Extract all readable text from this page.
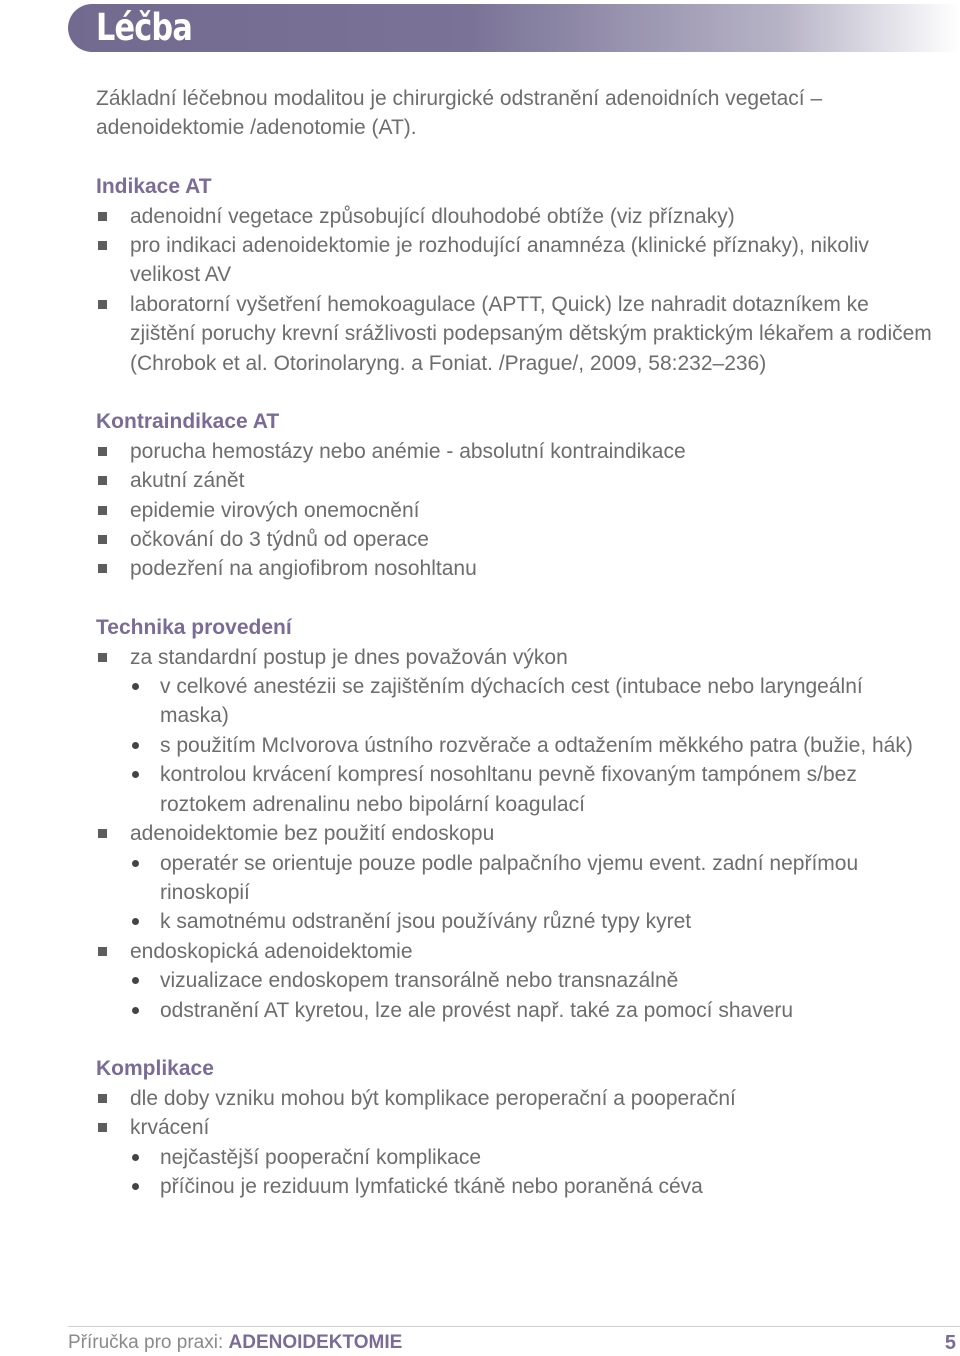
Léčba

Základní léčebnou modalitou je chirurgické odstranění adenoidních vegetací – adenoidektomie /adenotomie (AT).

Indikace AT
adenoidní vegetace způsobující dlouhodobé obtíže (viz příznaky)
pro indikaci adenoidektomie je rozhodující anamnéza (klinické příznaky), nikoliv velikost AV
laboratorní vyšetření hemokoagulace (APTT, Quick) lze nahradit dotazníkem ke zjištění poruchy krevní srážlivosti podepsaným dětským praktickým lékařem a rodičem (Chrobok et al. Otorinolaryng. a Foniat. /Prague/, 2009, 58:232–236)
Kontraindikace AT
porucha hemostázy nebo anémie - absolutní kontraindikace
akutní zánět
epidemie virových onemocnění
očkování do 3 týdnů od operace
podezření na angiofibrom nosohltanu
Technika provedení
za standardní postup je dnes považován výkon
v celkové anestézii se zajištěním dýchacích cest (intubace nebo laryngeální maska)
s použitím McIvorova ústního rozvěrače a odtažením měkkého patra (bužie, hák)
kontrolou krvácení kompresí nosohltanu pevně fixovaným tampónem s/bez roztokem adrenalinu nebo bipolární koagulací
adenoidektomie bez použití endoskopu
operatér se orientuje pouze podle palpačního vjemu event. zadní nepřímou rinoskopií
k samotnému odstranění jsou používány různé typy kyret
endoskopická adenoidektomie
vizualizace endoskopem transorálně nebo transnazálně
odstranění AT kyretou, lze ale provést např. také za pomocí shaveru
Komplikace
dle doby vzniku mohou být komplikace peroperační a pooperační
krvácení
nejčastější pooperační komplikace
příčinou je reziduum lymfatické tkáně nebo poraněná céva
Příručka pro praxi: ADENOIDEKTOMIE	5
